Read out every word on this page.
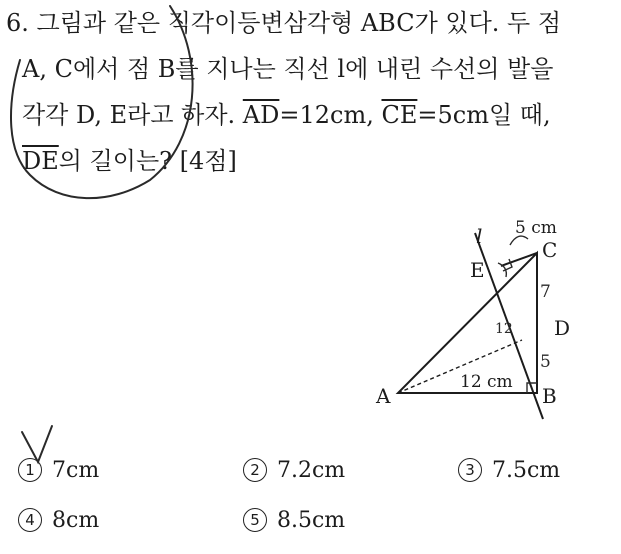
6. 그림과 같은 직각이등변삼각형 ABC가 있다. 두 점
A, C에서 점 B를 지나는 직선 l에 내린 수선의 발을
각각 D, E라고 하자. $\overline{AD}=12cm$, $\overline{CE}=5cm$일 때,
$\overline{DE}$의 길이는? [4점]
A	B
C
D
E
l 5 cm
12 cm
12
7
5
1 7cm	2 7.2cm	3 7.5cm
4 8cm	5 8.5cm
